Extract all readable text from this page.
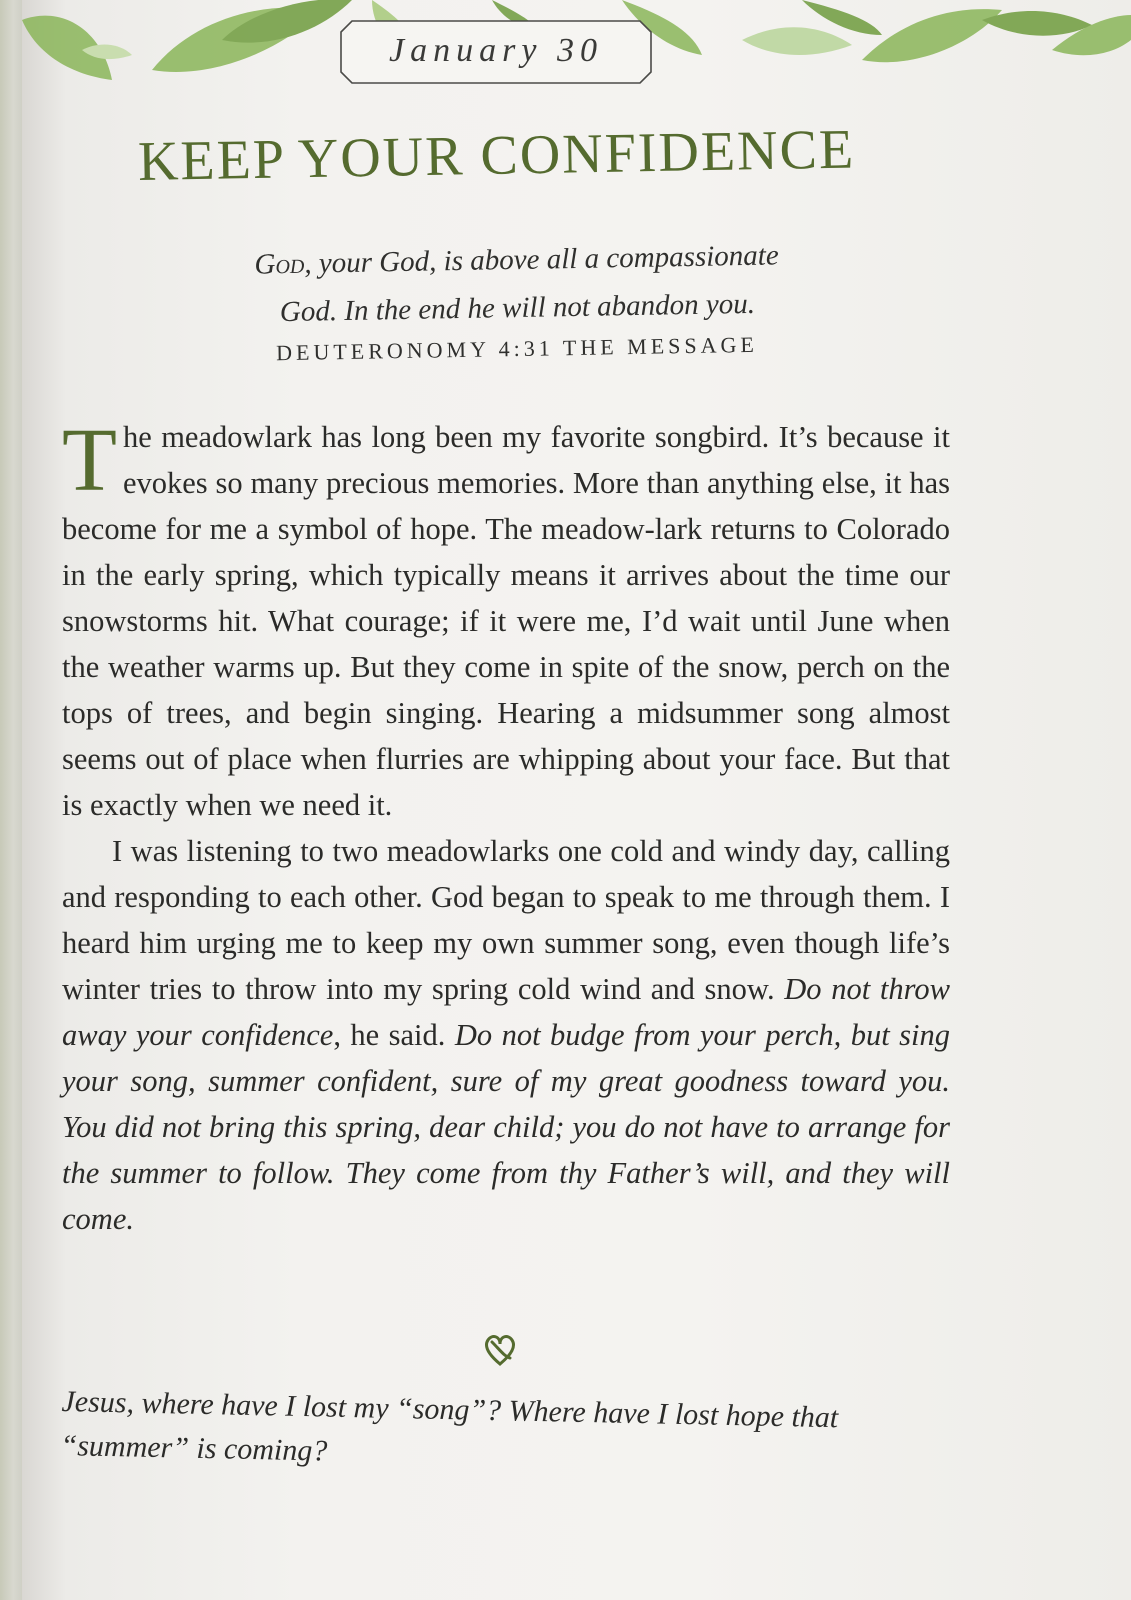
January 30
KEEP YOUR CONFIDENCE
God, your God, is above all a compassionate
God. In the end he will not abandon you.
DEUTERONOMY 4:31 THE MESSAGE

The meadowlark has long been my favorite songbird. It’s because it evokes so many precious memories. More than anything else, it has become for me a symbol of hope. The meadow-lark returns to Colorado in the early spring, which typically means it arrives about the time our snowstorms hit. What courage; if it were me, I’d wait until June when the weather warms up. But they come in spite of the snow, perch on the tops of trees, and begin singing. Hearing a midsummer song almost seems out of place when flurries are whipping about your face. But that is exactly when we need it.

I was listening to two meadowlarks one cold and windy day, calling and responding to each other. God began to speak to me through them. I heard him urging me to keep my own summer song, even though life’s winter tries to throw into my spring cold wind and snow. Do not throw away your confidence, he said. Do not budge from your perch, but sing your song, summer confident, sure of my great goodness toward you. You did not bring this spring, dear child; you do not have to arrange for the summer to follow. They come from thy Father’s will, and they will come.

Jesus, where have I lost my “song”? Where have I lost hope that “summer” is coming?
